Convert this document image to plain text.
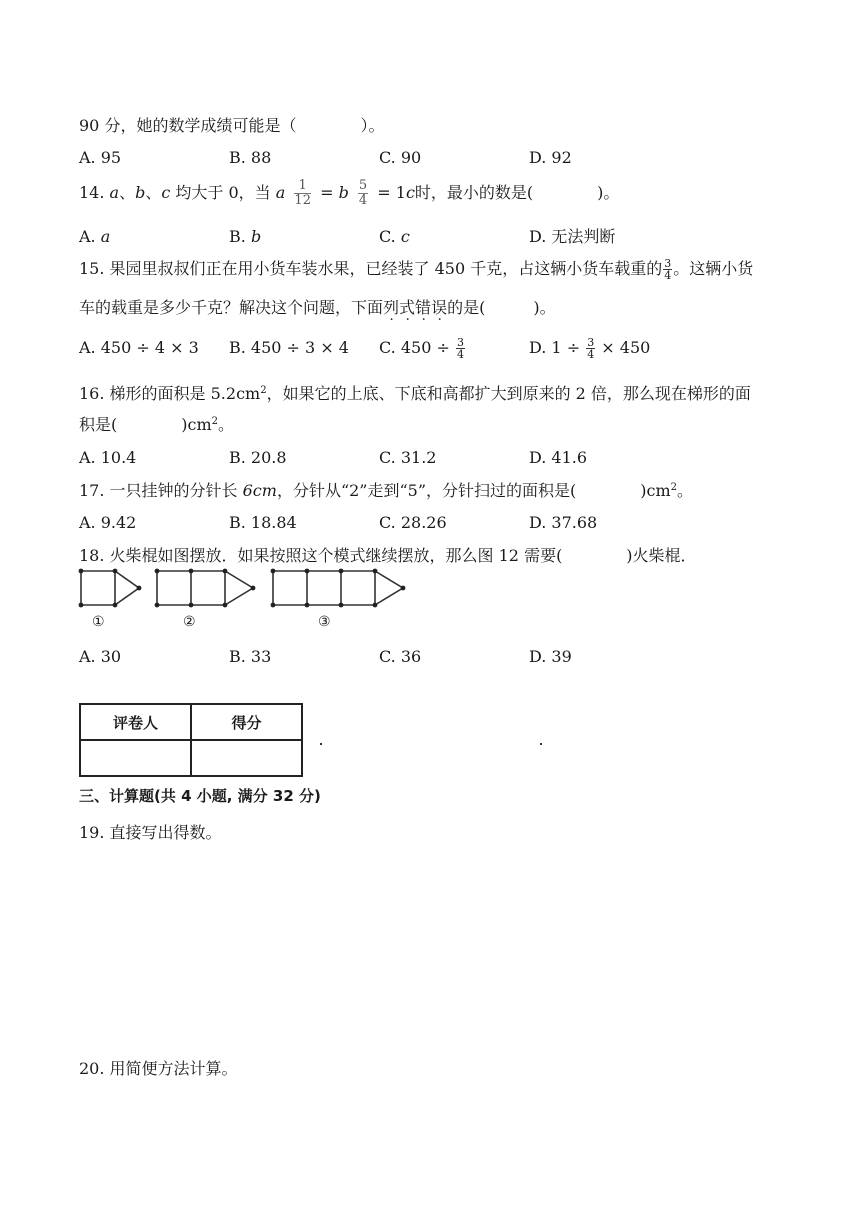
90 分，她的数学成绩可能是（　　　　）。
A. 95	B. 88	C. 90	D. 92
14. a、b、c 均大于 0，当 a $\frac{1}{12} = b \frac{5}{4} = 1c$时，最小的数是(　　　　)。
A. a	B. b	C. c	D. 无法判断
15. 果园里叔叔们正在用小货车装水果，已经装了 450 千克，占这辆小货车载重的 $\frac{3}{4}$ 。这辆小货
车的载重是多少千克？解决这个问题，下面列式错误的是(　　　)。
A. 450 ÷ 4 × 3 B. 450 ÷ 3 × 4 C. $450 \div \frac{3}{4}$	D. $1 \div \frac{3}{4} \times 450$
16. 梯形的面积是 $5.2cm^2$，如果它的上底、下底和高都扩大到原来的 2 倍，那么现在梯形的面
积是(　　　　)$cm^2$。
A. 10.4	B. 20.8	C. 31.2	D. 41.6
17. 一只挂钟的分针长 6cm，分针从“2”走到“5”，分针扫过的面积是(　　　　)$cm^2$。
A. 9.42	B. 18.84	C. 28.26	D. 37.68
18. 火柴棍如图摆放．如果按照这个模式继续摆放，那么图 12 需要(　　　　)火柴棍．
①	②	③
A. 30	B. 33	C. 36	D. 39
评卷人	得分

三、计算题(共 4 小题, 满分 32 分)
19. 直接写出得数。
20. 用简便方法计算。
